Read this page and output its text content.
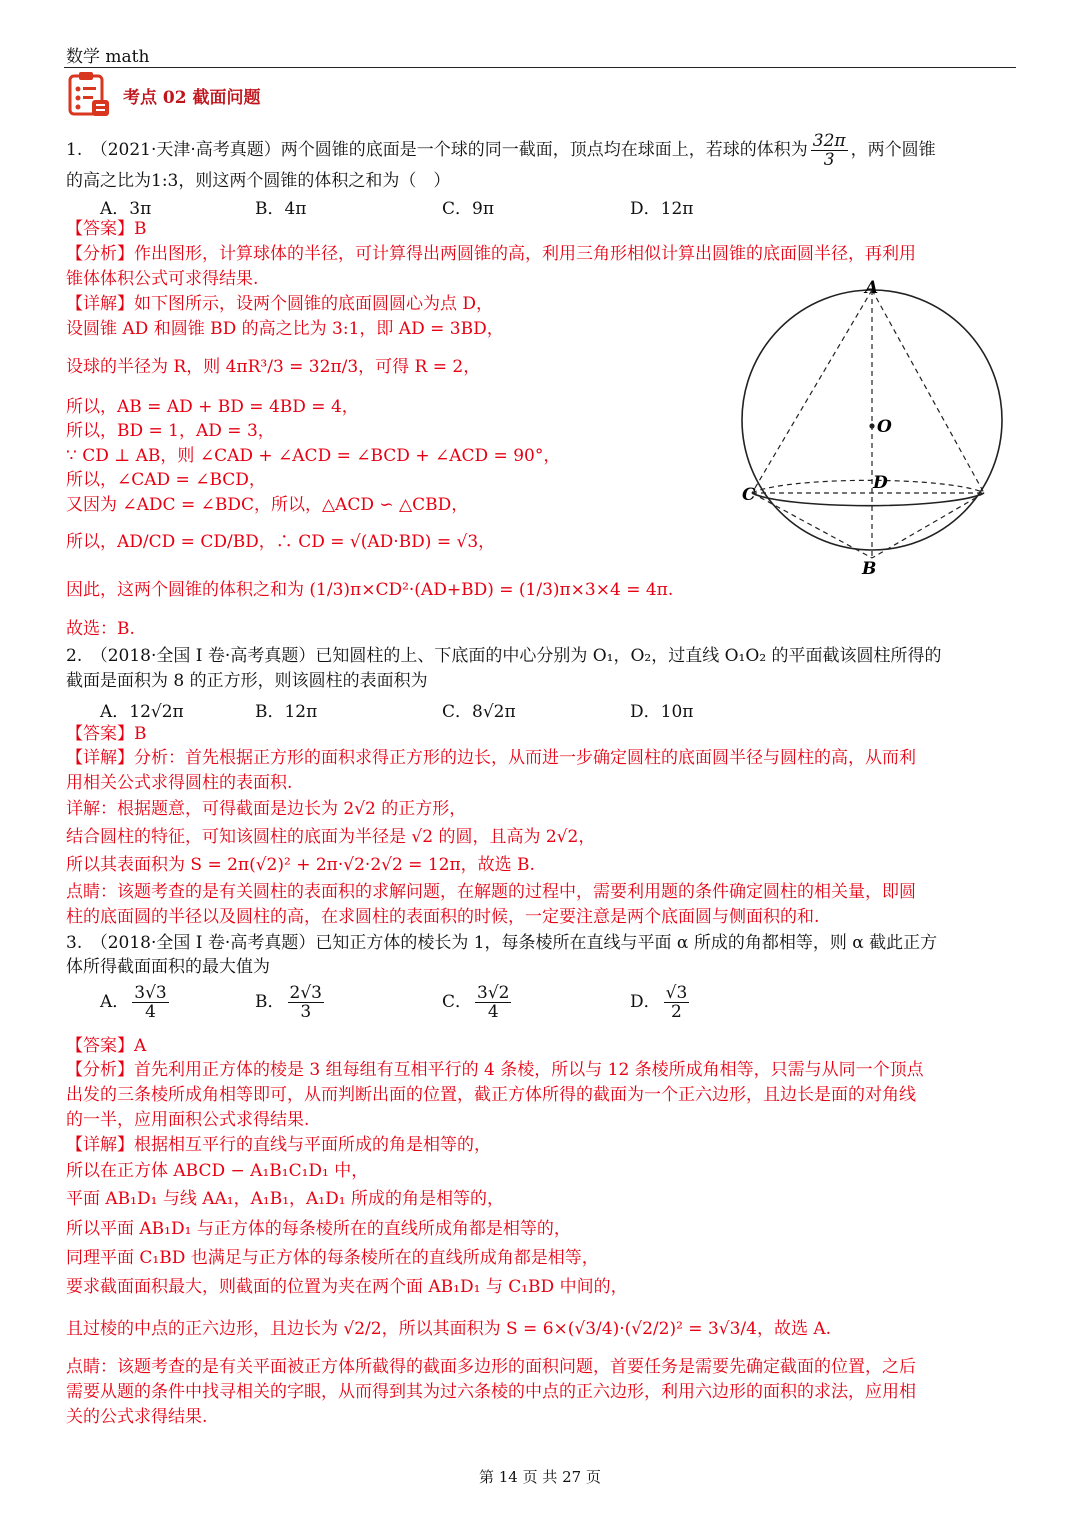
数学 math
考点 02 截面问题
1.　（2021·天津·高考真题）两个圆锥的底面是一个球的同一截面，顶点均在球面上，若球的体积为 $\frac{32\pi}{3}$ ，两个圆锥
的高之比为1:3，则这两个圆锥的体积之和为（　）
A．3π	B．4π	C．9π	D．12π
【答案】B
【分析】作出图形，计算球体的半径，可计算得出两圆锥的高，利用三角形相似计算出圆锥的底面圆半径，再利用
锥体体积公式可求得结果.
【详解】如下图所示，设两个圆锥的底面圆圆心为点 D，
设圆锥 AD 和圆锥 BD 的高之比为 3:1，即 AD = 3BD，
设球的半径为 R，则 4πR³/3 = 32π/3，可得 R = 2，
所以，AB = AD + BD = 4BD = 4，
所以，BD = 1，AD = 3，
∵ CD ⊥ AB，则 ∠CAD + ∠ACD = ∠BCD + ∠ACD = 90°，
所以，∠CAD = ∠BCD，
又因为 ∠ADC = ∠BDC，所以，△ACD ∽ △CBD，
所以，AD/CD = CD/BD，∴ CD = √(AD·BD) = √3，
因此，这两个圆锥的体积之和为 (1/3)π×CD²·(AD+BD) = (1/3)π×3×4 = 4π.
故选：B.
A
O
D
C
B
2.　（2018·全国 I 卷·高考真题）已知圆柱的上、下底面的中心分别为 O₁，O₂，过直线 O₁O₂ 的平面截该圆柱所得的
截面是面积为 8 的正方形，则该圆柱的表面积为
A．12√2π	B．12π	C．8√2π	D．10π
【答案】B
【详解】分析：首先根据正方形的面积求得正方形的边长，从而进一步确定圆柱的底面圆半径与圆柱的高，从而利
用相关公式求得圆柱的表面积.
详解：根据题意，可得截面是边长为 2√2 的正方形，
结合圆柱的特征，可知该圆柱的底面为半径是 √2 的圆，且高为 2√2，
所以其表面积为 S = 2π(√2)² + 2π·√2·2√2 = 12π，故选 B.
点睛：该题考查的是有关圆柱的表面积的求解问题，在解题的过程中，需要利用题的条件确定圆柱的相关量，即圆
柱的底面圆的半径以及圆柱的高，在求圆柱的表面积的时候，一定要注意是两个底面圆与侧面积的和.
3.　（2018·全国 I 卷·高考真题）已知正方体的棱长为 1，每条棱所在直线与平面 α 所成的角都相等，则 α 截此正方
体所得截面面积的最大值为
A． $\frac{3√3}{4}$	B． $\frac{2√3}{3}$	C． $\frac{3√2}{4}$	D． $\frac{√3}{2}$
【答案】A
【分析】首先利用正方体的棱是 3 组每组有互相平行的 4 条棱，所以与 12 条棱所成角相等，只需与从同一个顶点
出发的三条棱所成角相等即可，从而判断出面的位置，截正方体所得的截面为一个正六边形，且边长是面的对角线
的一半，应用面积公式求得结果.
【详解】根据相互平行的直线与平面所成的角是相等的，
所以在正方体 ABCD − A₁B₁C₁D₁ 中，
平面 AB₁D₁ 与线 AA₁，A₁B₁，A₁D₁ 所成的角是相等的，
所以平面 AB₁D₁ 与正方体的每条棱所在的直线所成角都是相等的，
同理平面 C₁BD 也满足与正方体的每条棱所在的直线所成角都是相等，
要求截面面积最大，则截面的位置为夹在两个面 AB₁D₁ 与 C₁BD 中间的，
且过棱的中点的正六边形，且边长为 √2/2，所以其面积为 S = 6×(√3/4)·(√2/2)² = 3√3/4，故选 A.
点睛：该题考查的是有关平面被正方体所截得的截面多边形的面积问题，首要任务是需要先确定截面的位置，之后
需要从题的条件中找寻相关的字眼，从而得到其为过六条棱的中点的正六边形，利用六边形的面积的求法，应用相
关的公式求得结果.
第 14 页 共 27 页
